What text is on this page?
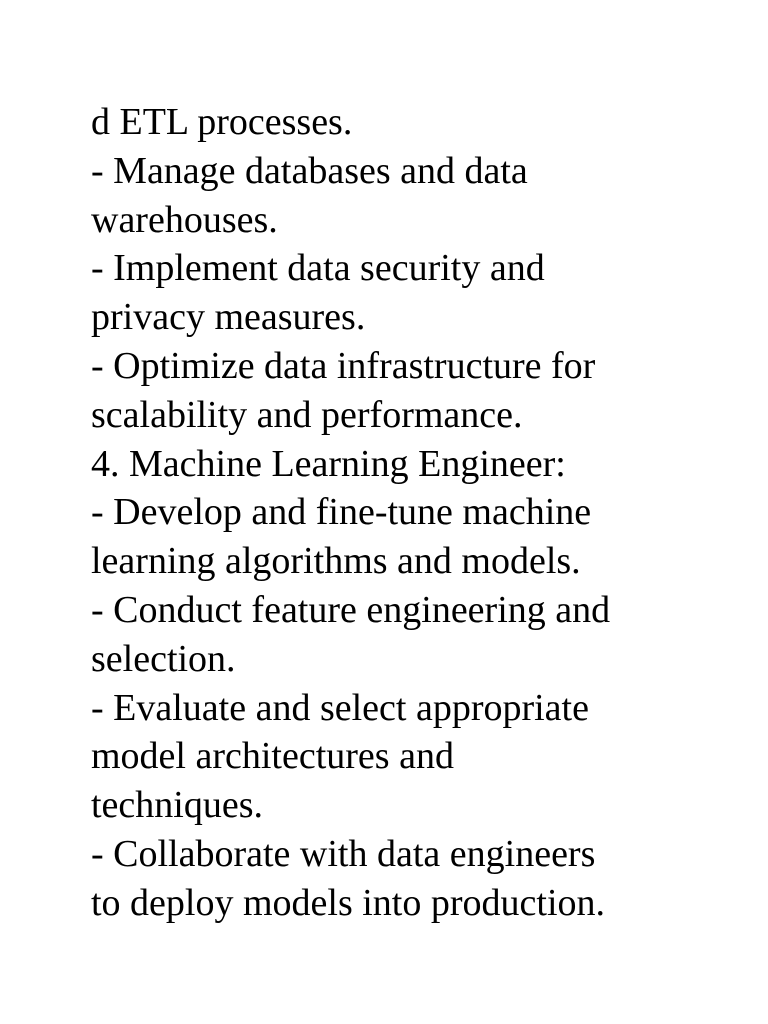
d ETL processes.
- Manage databases and data
warehouses.
- Implement data security and
privacy measures.
- Optimize data infrastructure for
scalability and performance.
4. Machine Learning Engineer:
- Develop and fine-tune machine
learning algorithms and models.
- Conduct feature engineering and
selection.
- Evaluate and select appropriate
model architectures and
techniques.
- Collaborate with data engineers
to deploy models into production.
